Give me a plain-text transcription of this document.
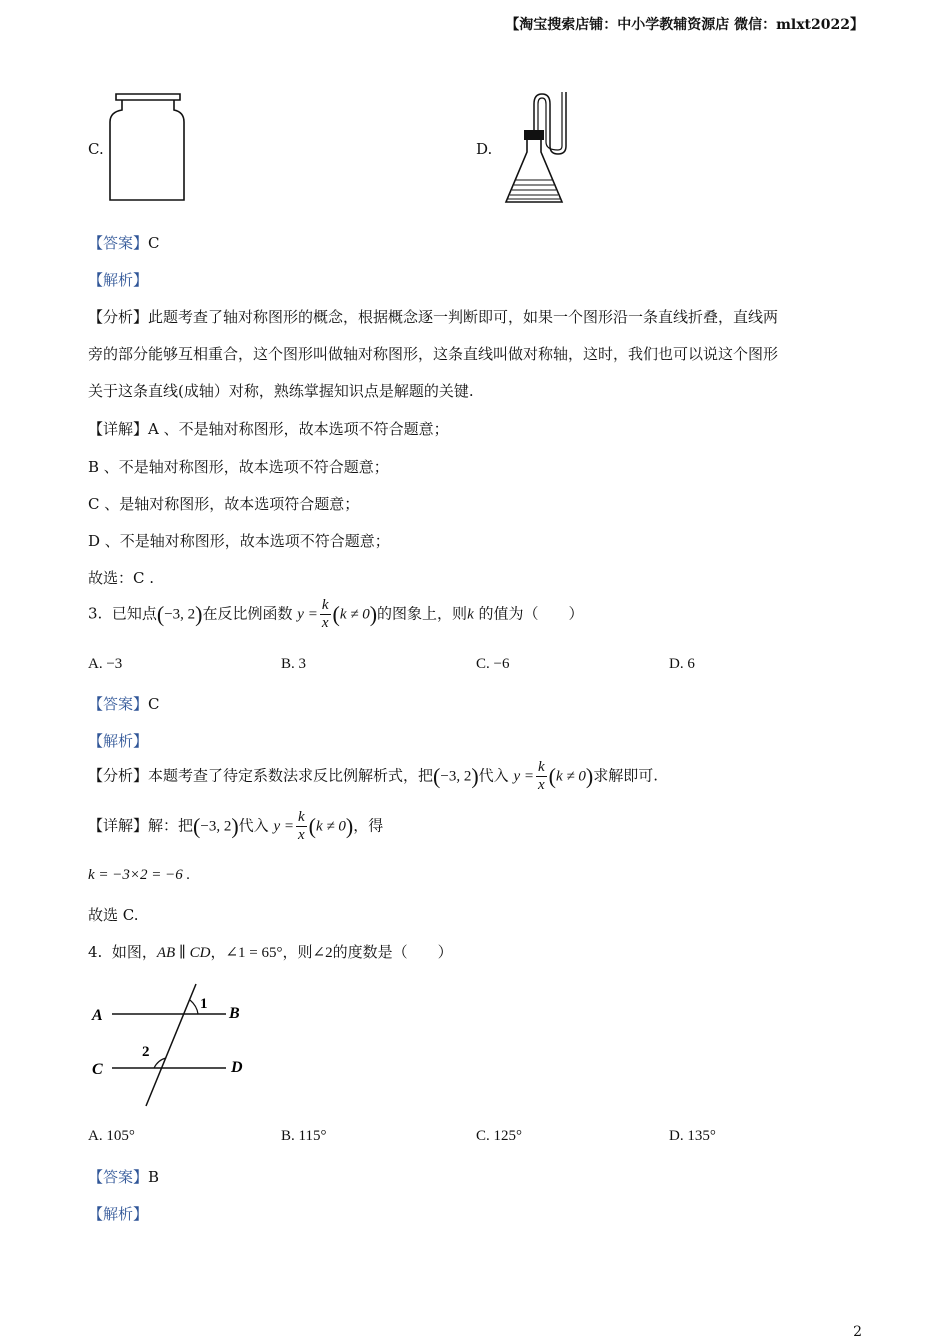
【淘宝搜索店铺：中小学教辅资源店 微信：mlxt2022】
C.	D.
【答案】C
【解析】
【分析】此题考查了轴对称图形的概念，根据概念逐一判断即可，如果一个图形沿一条直线折叠，直线两
旁的部分能够互相重合，这个图形叫做轴对称图形，这条直线叫做对称轴，这时，我们也可以说这个图形
关于这条直线(成轴）对称，熟练掌握知识点是解题的关键.
【详解】A 、不是轴对称图形，故本选项不符合题意；
B 、不是轴对称图形，故本选项不符合题意；
C 、是轴对称图形，故本选项符合题意；
D 、不是轴对称图形，故本选项不符合题意；
故选：C .
3. 已知点(−3, 2)在反比例函数 $y = \frac{k}{x} (k \ne 0)$的图象上，则k 的值为（　　）
A. −3	B. 3	C. −6	D. 6
【答案】C
【解析】
【分析】本题考查了待定系数法求反比例解析式，把(−3, 2)代入 $y = \frac{k}{x} (k \ne 0)$求解即可.
【详解】解：把(−3, 2)代入 $y = \frac{k}{x} (k \ne 0)$，得
k = −3×2 = −6 .
故选 C.
4. 如图，AB ∥ CD，∠1 = 65°，则∠2的度数是（　　）
A	B
C	D
1
2
A. 105°	B. 115°	C. 125°	D. 135°
【答案】B
【解析】
2
